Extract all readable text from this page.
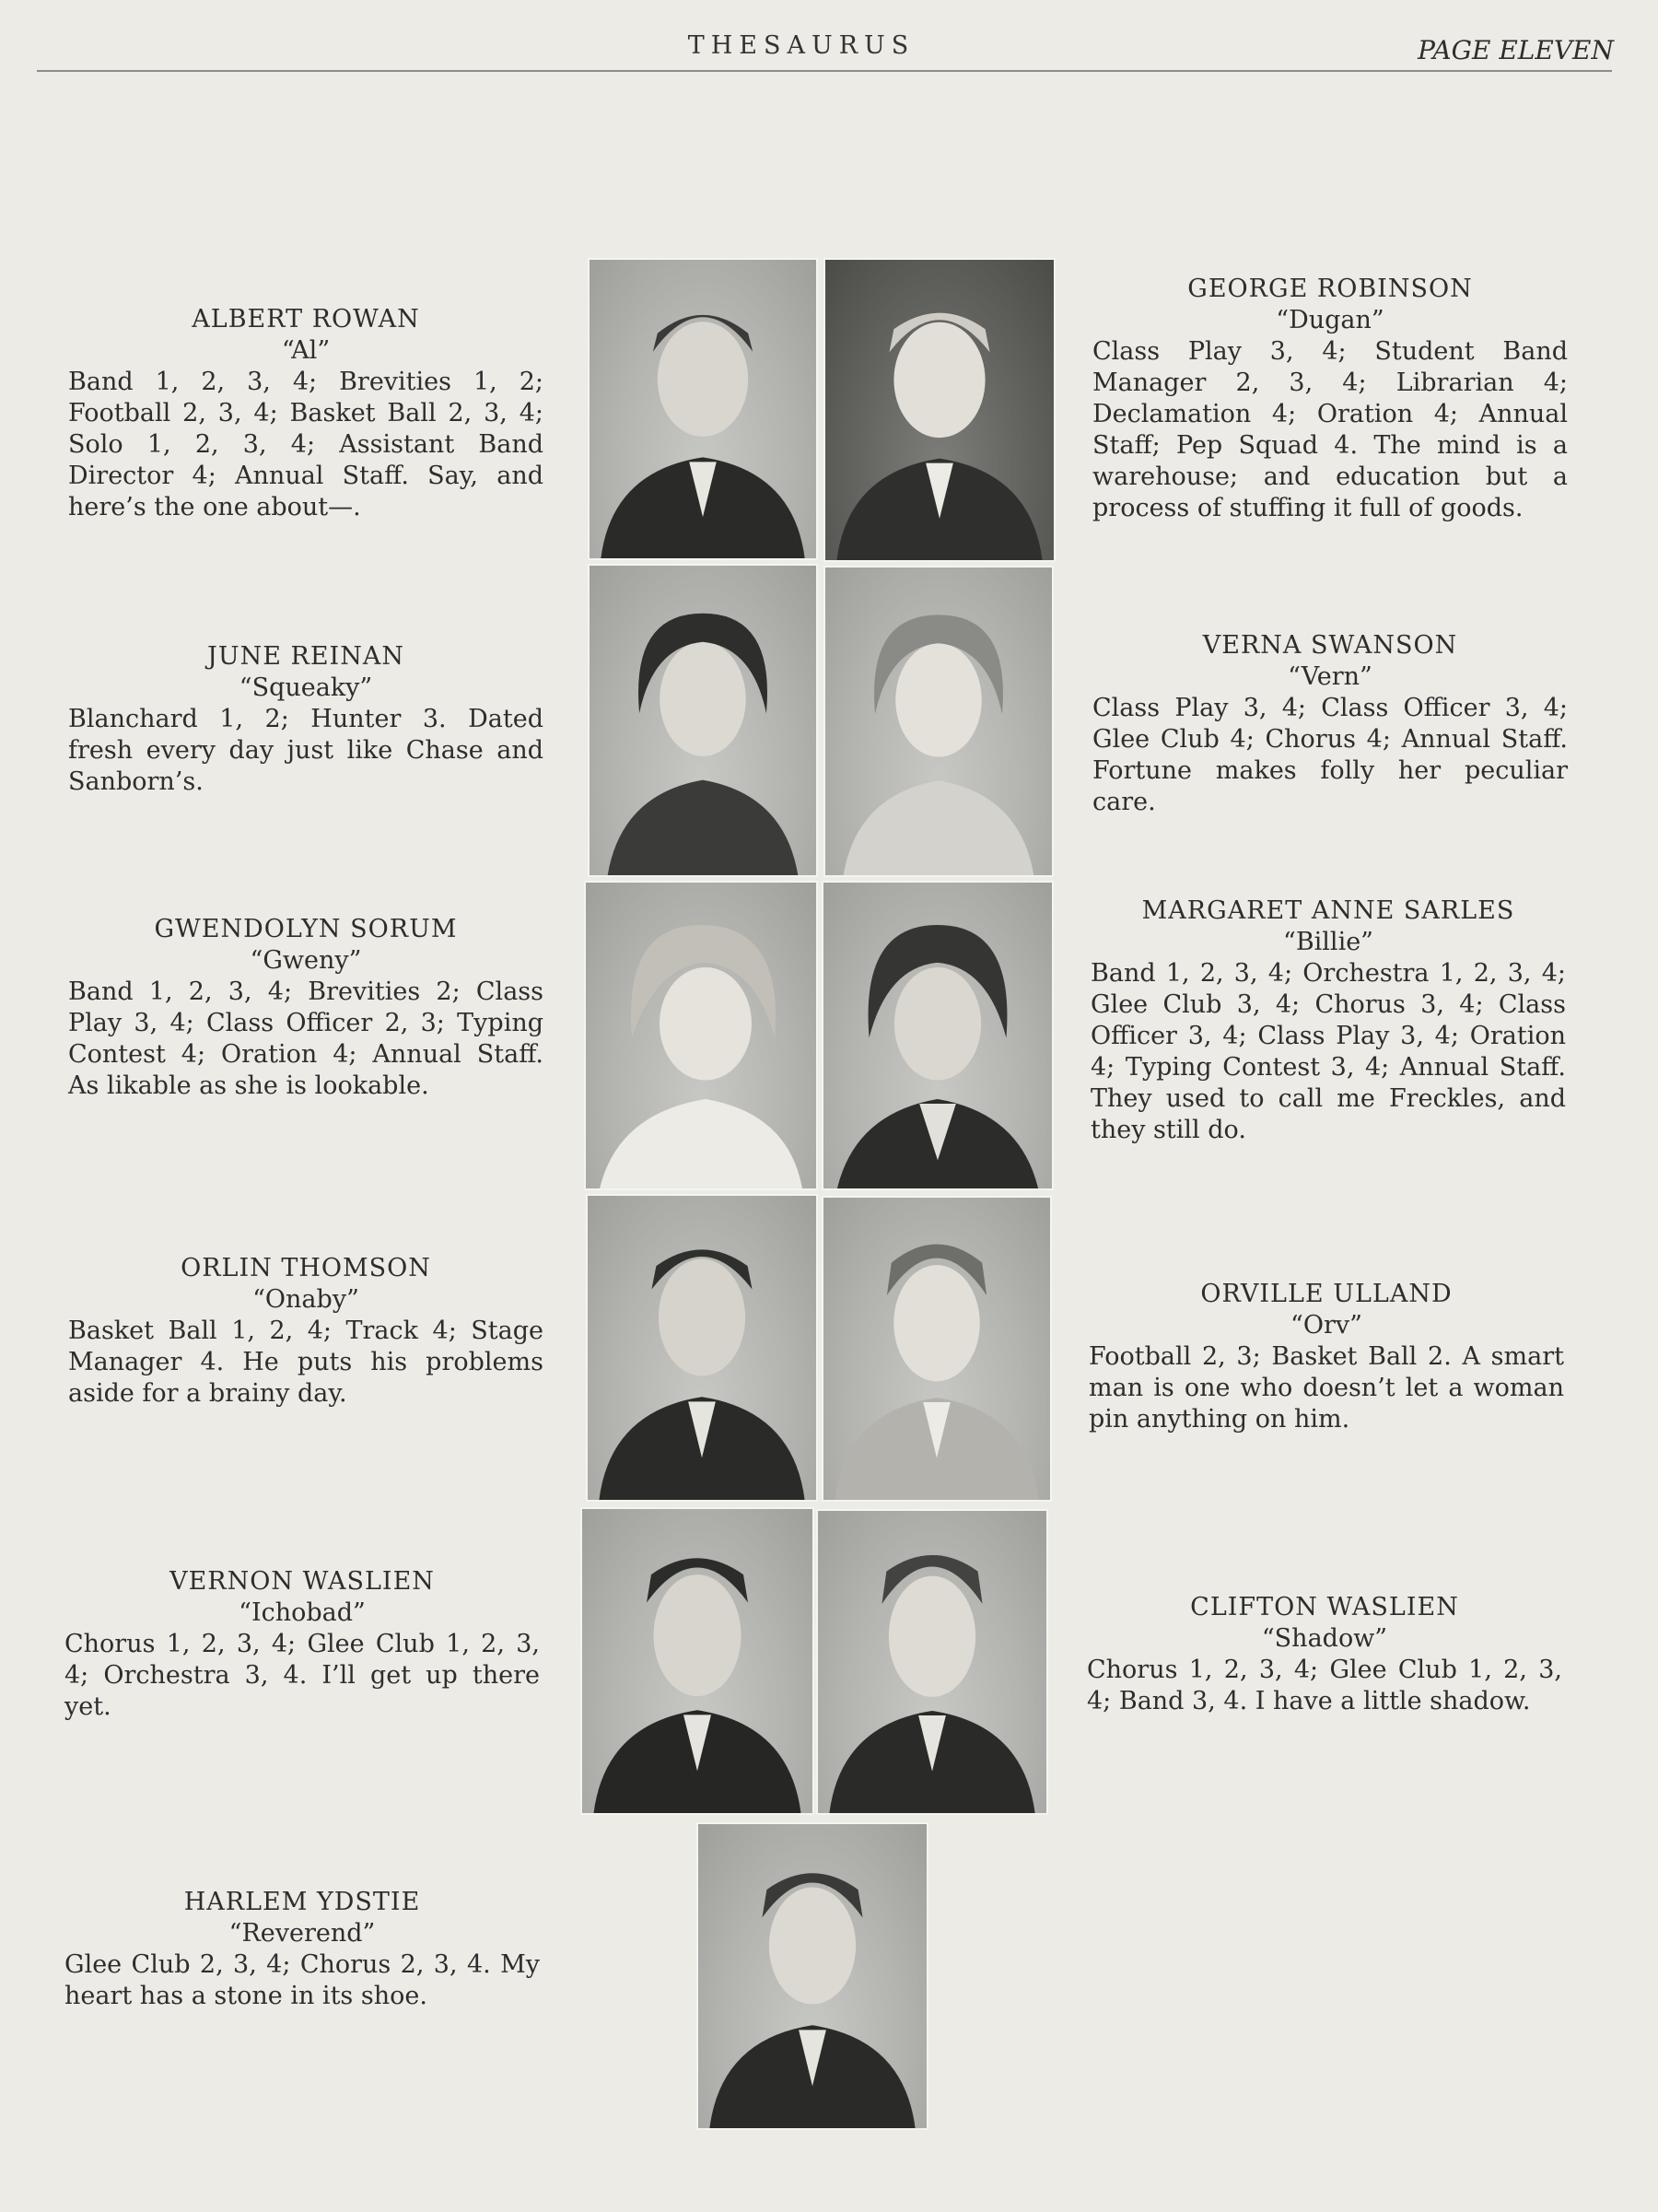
THESAURUS	PAGE ELEVEN
ALBERT ROWAN
“Al”
Band 1, 2, 3, 4; Brevities 1, 2; Football 2, 3, 4; Basket Ball 2, 3, 4; Solo 1, 2, 3, 4; Assistant Band Director 4; Annual Staff. Say, and here’s the one about—.
JUNE REINAN
“Squeaky”
Blanchard 1, 2; Hunter 3. Dated fresh every day just like Chase and Sanborn’s.
GWENDOLYN SORUM
“Gweny”
Band 1, 2, 3, 4; Brevities 2; Class Play 3, 4; Class Officer 2, 3; Typing Contest 4; Oration 4; Annual Staff. As likable as she is lookable.
ORLIN THOMSON
“Onaby”
Basket Ball 1, 2, 4; Track 4; Stage Manager 4. He puts his problems aside for a brainy day.
VERNON WASLIEN
“Ichobad”
Chorus 1, 2, 3, 4; Glee Club 1, 2, 3, 4; Orchestra 3, 4. I’ll get up there yet.
HARLEM YDSTIE
“Reverend”
Glee Club 2, 3, 4; Chorus 2, 3, 4. My heart has a stone in its shoe.
GEORGE ROBINSON
“Dugan”
Class Play 3, 4; Student Band Manager 2, 3, 4; Librarian 4; Declamation 4; Oration 4; Annual Staff; Pep Squad 4. The mind is a warehouse; and education but a process of stuffing it full of goods.
VERNA SWANSON
“Vern”
Class Play 3, 4; Class Officer 3, 4; Glee Club 4; Chorus 4; Annual Staff. Fortune makes folly her peculiar care.
MARGARET ANNE SARLES
“Billie”
Band 1, 2, 3, 4; Orchestra 1, 2, 3, 4; Glee Club 3, 4; Chorus 3, 4; Class Officer 3, 4; Class Play 3, 4; Oration 4; Typing Contest 3, 4; Annual Staff. They used to call me Freckles, and they still do.
ORVILLE ULLAND
“Orv”
Football 2, 3; Basket Ball 2. A smart man is one who doesn’t let a woman pin anything on him.
CLIFTON WASLIEN
“Shadow”
Chorus 1, 2, 3, 4; Glee Club 1, 2, 3, 4; Band 3, 4. I have a little shadow.
